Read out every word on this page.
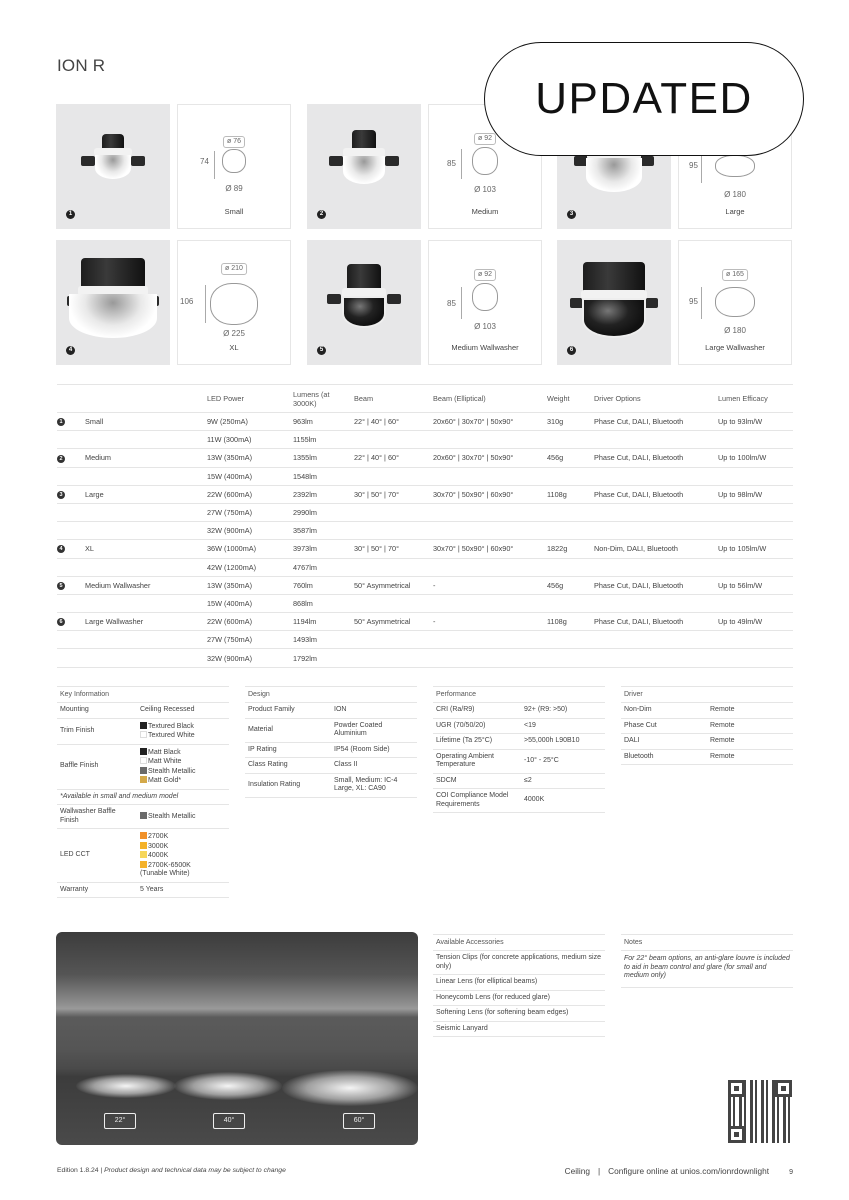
ION R
UPDATED
1
ø 76
74
Ø 89
Small	2
ø 92
85
Ø 103
Medium	3
95
Ø 180
Large
4
ø 210
106
Ø 225
XL	5
ø 92
85
Ø 103
Medium Wallwasher	6
ø 165
95
Ø 180
Large Wallwasher
		LED Power	Lumens (at 3000K)	Beam	Beam (Elliptical)	Weight	Driver Options	Lumen Efficacy
1	Small	9W (250mA)	963lm	22° | 40° | 60°	20x60° | 30x70° | 50x90°	310g	Phase Cut, DALI, Bluetooth	Up to 93lm/W
		11W (300mA)	1155lm					
2	Medium	13W (350mA)	1355lm	22° | 40° | 60°	20x60° | 30x70° | 50x90°	456g	Phase Cut, DALI, Bluetooth	Up to 100lm/W
		15W (400mA)	1548lm					
3	Large	22W (600mA)	2392lm	30° | 50° | 70°	30x70° | 50x90° | 60x90°	1108g	Phase Cut, DALI, Bluetooth	Up to 98lm/W
		27W (750mA)	2990lm					
		32W (900mA)	3587lm					
4	XL	36W (1000mA)	3973lm	30° | 50° | 70°	30x70° | 50x90° | 60x90°	1822g	Non-Dim, DALI, Bluetooth	Up to 105lm/W
		42W (1200mA)	4767lm					
5	Medium Wallwasher	13W (350mA)	760lm	50° Asymmetrical	-	456g	Phase Cut, DALI, Bluetooth	Up to 56lm/W
		15W (400mA)	868lm					
6	Large Wallwasher	22W (600mA)	1194lm	50° Asymmetrical	-	1108g	Phase Cut, DALI, Bluetooth	Up to 49lm/W
		27W (750mA)	1493lm					
		32W (900mA)	1792lm					
Key Information	
Mounting	Ceiling Recessed
Trim Finish	Textured Black
Textured White

Baffle Finish	Matt Black
Matt White
Stealth Metallic
Matt Gold*

*Available in small and medium model	
Wallwasher Baffle Finish	Stealth Metallic
LED CCT	2700K
3000K
4000K
2700K-6500K
(Tunable White)

Warranty	5 Years
Design	
Product Family	ION
Material	Powder Coated Aluminium
IP Rating	IP54 (Room Side)
Class Rating	Class II
Insulation Rating	Small, Medium: IC-4 Large, XL: CA90
Performance	
CRI (Ra/R9)	92+ (R9: >50)
UGR (70/50/20)	<19
Lifetime (Ta 25°C)	>55,000h L90B10
Operating Ambient Temperature	-10° - 25°C
SDCM	≤2
COI Compliance Model Requirements	4000K
Driver	
Non-Dim	Remote
Phase Cut	Remote
DALI	Remote
Bluetooth	Remote
22°	40°	60°
Available Accessories
Tension Clips (for concrete applications, medium size only)
Linear Lens (for elliptical beams)
Honeycomb Lens (for reduced glare)
Softening Lens (for softening beam edges)
Seismic Lanyard
Notes
For 22° beam options, an anti-glare louvre is included to aid in beam control and glare (for small and medium only)
Edition 1.8.24 | Product design and technical data may be subject to change	Ceiling | Configure online at unios.com/ionrdownlight	9
